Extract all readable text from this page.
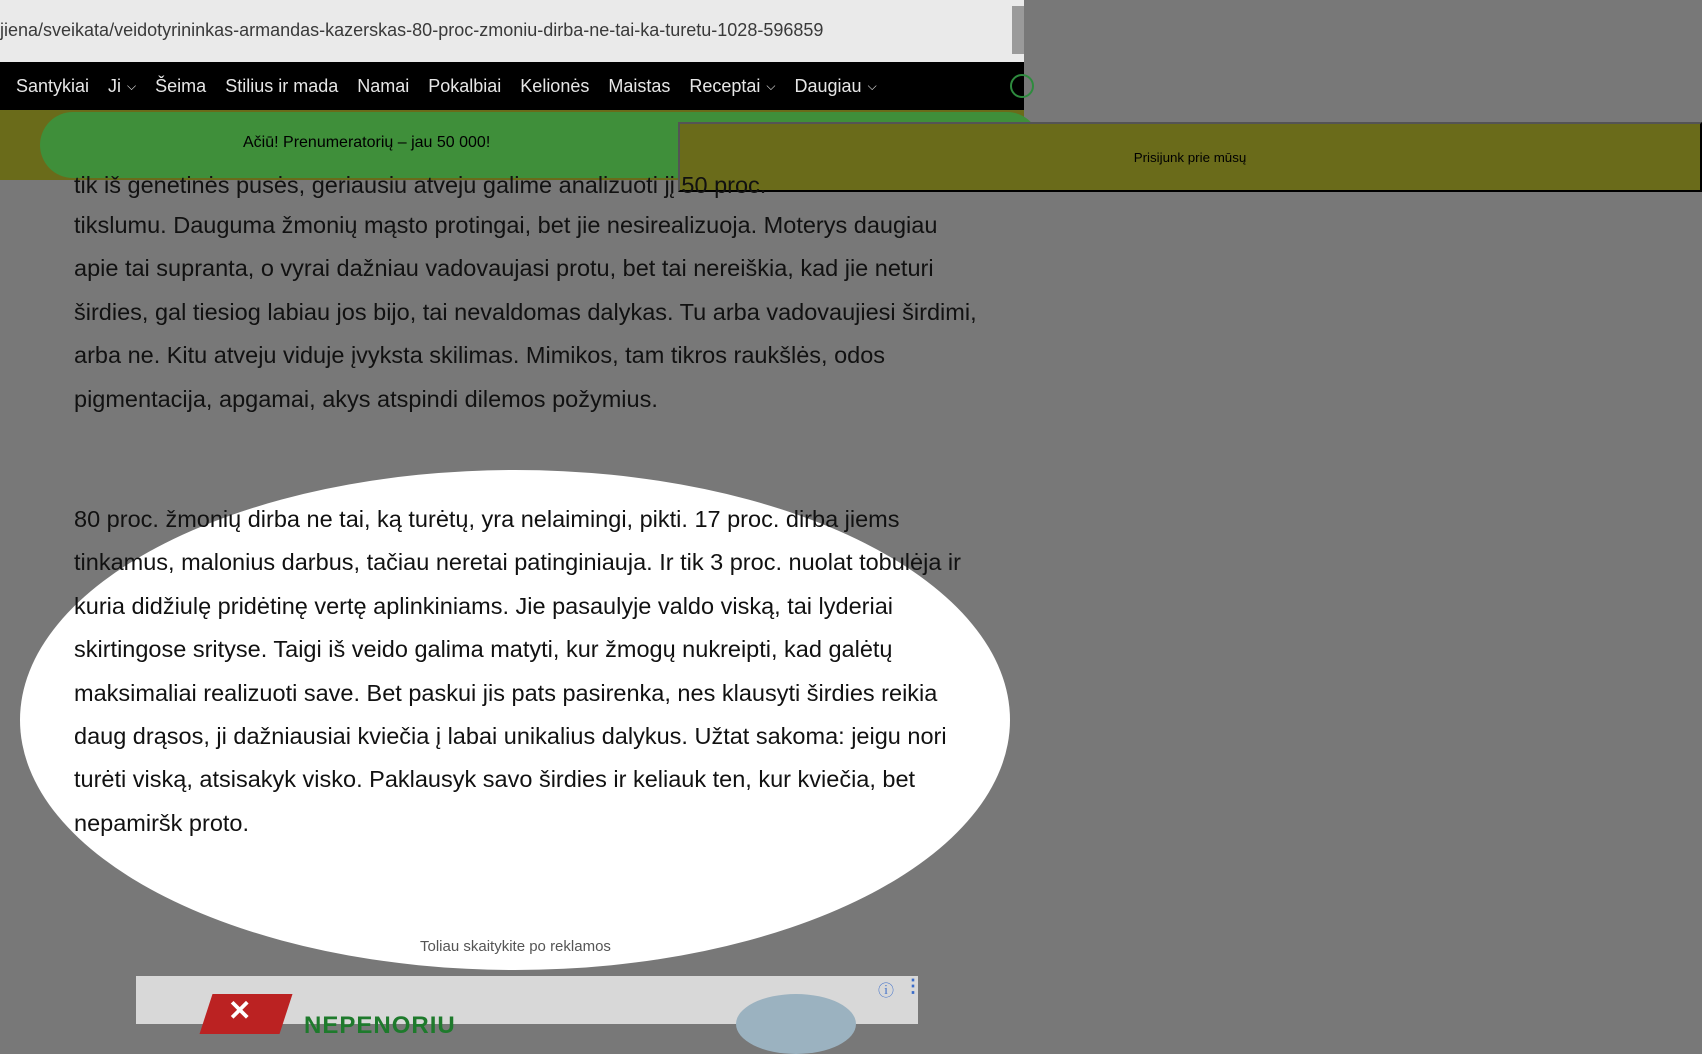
jiena/sveikata/veidotyrininkas-armandas-kazerskas-80-proc-zmoniu-dirba-ne-tai-ka-turetu-1028-596859
Santykiai Ji ⌵ Šeima Stilius ir mada Namai Pokalbiai Kelionės Maistas Receptai ⌵ Daugiau ⌵
Ačiū! Prenumeratorių – jau 50 000!
Prisijunk prie mūsų

tik iš genetinės pusės, geriausiu atveju galime analizuoti jį 50 proc.

tikslumu. Dauguma žmonių mąsto protingai, bet jie nesirealizuoja. Moterys daugiau apie tai supranta, o vyrai dažniau vadovaujasi protu, bet tai nereiškia, kad jie neturi širdies, gal tiesiog labiau jos bijo, tai nevaldomas dalykas. Tu arba vadovaujiesi širdimi, arba ne. Kitu atveju viduje įvyksta skilimas. Mimikos, tam tikros raukšlės, odos pigmentacija, apgamai, akys atspindi dilemos požymius.

80 proc. žmonių dirba ne tai, ką turėtų, yra nelaimingi, pikti. 17 proc. dirba jiems tinkamus, malonius darbus, tačiau neretai patinginiauja. Ir tik 3 proc. nuolat tobulėja ir kuria didžiulę pridėtinę vertę aplinkiniams. Jie pasaulyje valdo viską, tai lyderiai skirtingose srityse. Taigi iš veido galima matyti, kur žmogų nukreipti, kad galėtų maksimaliai realizuoti save. Bet paskui jis pats pasirenka, nes klausyti širdies reikia daug drąsos, ji dažniausiai kviečia į labai unikalius dalykus. Užtat sakoma: jeigu nori turėti viską, atsisakyk visko. Paklausyk savo širdies ir keliauk ten, kur kviečia, bet nepamiršk proto.

Toliau skaitykite po reklamos
✕ NEPENORIU
ⓘ ⋮
